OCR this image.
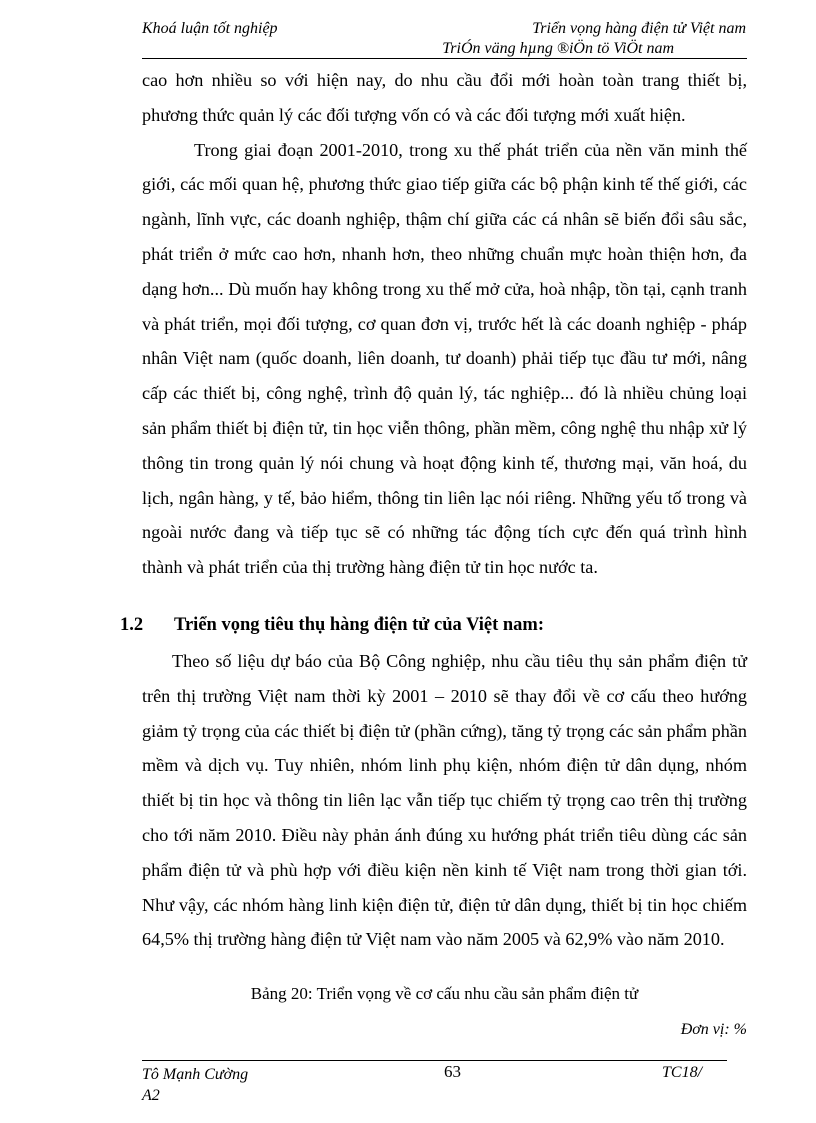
Khoá luận tốt nghiệp	Triển vọng hàng điện tử Việt nam
TriÓn väng hµng ®iÖn tö ViÖt nam

cao hơn nhiều so với hiện nay, do nhu cầu đổi mới hoàn toàn trang thiết bị, phương thức quản lý các đối tượng vốn có và các đối tượng mới xuất hiện.

Trong giai đoạn 2001-2010, trong xu thế phát triển của nền văn minh thế giới, các mối quan hệ, phương thức giao tiếp giữa các bộ phận kinh tế thế giới, các ngành, lĩnh vực, các doanh nghiệp, thậm chí giữa các cá nhân sẽ biến đổi sâu sắc, phát triển ở mức cao hơn, nhanh hơn, theo những chuẩn mực hoàn thiện hơn, đa dạng hơn... Dù muốn hay không trong xu thế mở cửa, hoà nhập, tồn tại, cạnh tranh và phát triển, mọi đối tượng, cơ quan đơn vị, trước hết là các doanh nghiệp - pháp nhân Việt nam (quốc doanh, liên doanh, tư doanh) phải tiếp tục đầu tư mới, nâng cấp các thiết bị, công nghệ, trình độ quản lý, tác nghiệp... đó là nhiều chủng loại sản phẩm thiết bị điện tử, tin học viễn thông, phần mềm, công nghệ thu nhập xử lý thông tin trong quản lý nói chung và hoạt động kinh tế, thương mại, văn hoá, du lịch, ngân hàng, y tế, bảo hiểm, thông tin liên lạc nói riêng. Những yếu tố trong và ngoài nước đang và tiếp tục sẽ có những tác động tích cực đến quá trình hình thành và phát triển của thị trường hàng điện tử tin học nước ta.

1.2 Triển vọng tiêu thụ hàng điện tử của Việt nam:

Theo số liệu dự báo của Bộ Công nghiệp, nhu cầu tiêu thụ sản phẩm điện tử trên thị trường Việt nam thời kỳ 2001 – 2010 sẽ thay đổi về cơ cấu theo hướng giảm tỷ trọng của các thiết bị điện tử (phần cứng), tăng tỷ trọng các sản phẩm phần mềm và dịch vụ. Tuy nhiên, nhóm linh phụ kiện, nhóm điện tử dân dụng, nhóm thiết bị tin học và thông tin liên lạc vẫn tiếp tục chiếm tỷ trọng cao trên thị trường cho tới năm 2010. Điều này phản ánh đúng xu hướng phát triển tiêu dùng các sản phẩm điện tử và phù hợp với điều kiện nền kinh tế Việt nam trong thời gian tới. Như vậy, các nhóm hàng linh kiện điện tử, điện tử dân dụng, thiết bị tin học chiếm 64,5% thị trường hàng điện tử Việt nam vào năm 2005 và 62,9% vào năm 2010.

Bảng 20: Triển vọng về cơ cấu nhu cầu sản phẩm điện tử
Đơn vị: %
Tô Mạnh Cường
A2
63	TC18/
